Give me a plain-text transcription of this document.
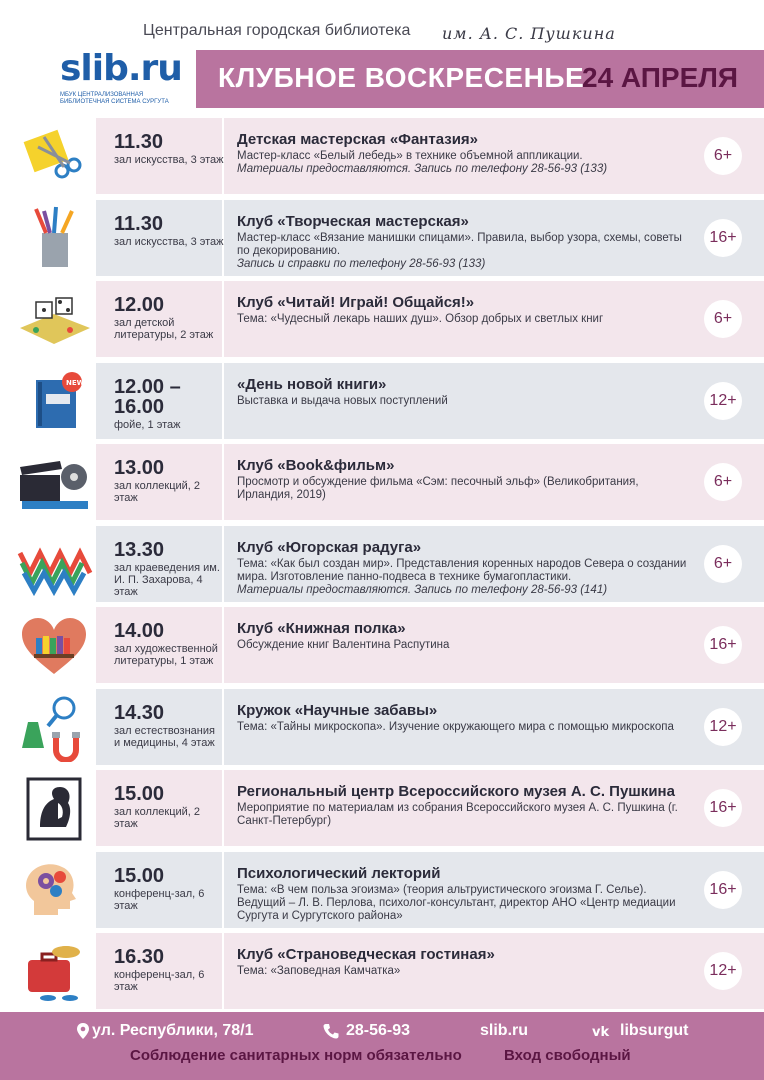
Центральная городская библиотека им. А. С. Пушкина
slib.ru
МБУК ЦЕНТРАЛИЗОВАННАЯ БИБЛИОТЕЧНАЯ СИСТЕМА СУРГУТА
КЛУБНОЕ ВОСКРЕСЕНЬЕ
24 АПРЕЛЯ
ул. Республики, 78/1	28-56-93	slib.ru	vk libsurgut
Соблюдение санитарных норм обязательно	Вход свободный
11.30
зал искусства, 3 этаж
Детская мастерская «Фантазия»
Мастер-класс «Белый лебедь» в технике объемной аппликации.
Материалы предоставляются. Запись по телефону 28-56-93 (133)
6+
11.30
зал искусства, 3 этаж
Клуб «Творческая мастерская»
Мастер-класс «Вязание манишки спицами». Правила, выбор узора, схемы, советы по декорированию.
Запись и справки по телефону 28-56-93 (133)
16+
12.00
зал детской литературы, 2 этаж
Клуб «Читай! Играй! Общайся!»
Тема: «Чудесный лекарь наших душ». Обзор добрых и светлых книг	6+
NEW 12.00 – 16.00
фойе, 1 этаж
«День новой книги»
Выставка и выдача новых поступлений	12+
13.00
зал коллекций, 2 этаж
Клуб «Book&фильм»
Просмотр и обсуждение фильма «Сэм: песочный эльф» (Великобритания, Ирландия, 2019)
6+
13.30
зал краеведения им. И. П. Захарова, 4 этаж
Клуб «Югорская радуга»
Тема: «Как был создан мир». Представления коренных народов Севера о создании мира. Изготовление панно-подвеса в технике бумагопластики.
Материалы предоставляются. Запись по телефону 28-56-93 (141)
6+
14.00
зал художественной литературы, 1 этаж
Клуб «Книжная полка»
Обсуждение книг Валентина Распутина	16+
14.30
зал естествознания и медицины, 4 этаж
Кружок «Научные забавы»
Тема: «Тайны микроскопа». Изучение окружающего мира с помощью микроскопа	12+
15.00
зал коллекций, 2 этаж
Региональный центр Всероссийского музея А. С. Пушкина
Мероприятие по материалам из собрания Всероссийского музея А. С. Пушкина (г. Санкт-Петербург)
16+
15.00
конференц-зал, 6 этаж
Психологический лекторий
Тема: «В чем польза эгоизма» (теория альтруистического эгоизма Г. Селье). Ведущий – Л. В. Перлова, психолог-консультант, директор АНО «Центр медиации Сургута и Сургутского района»
16+
16.30
конференц-зал, 6 этаж
Клуб «Страноведческая гостиная»
Тема: «Заповедная Камчатка»	12+
